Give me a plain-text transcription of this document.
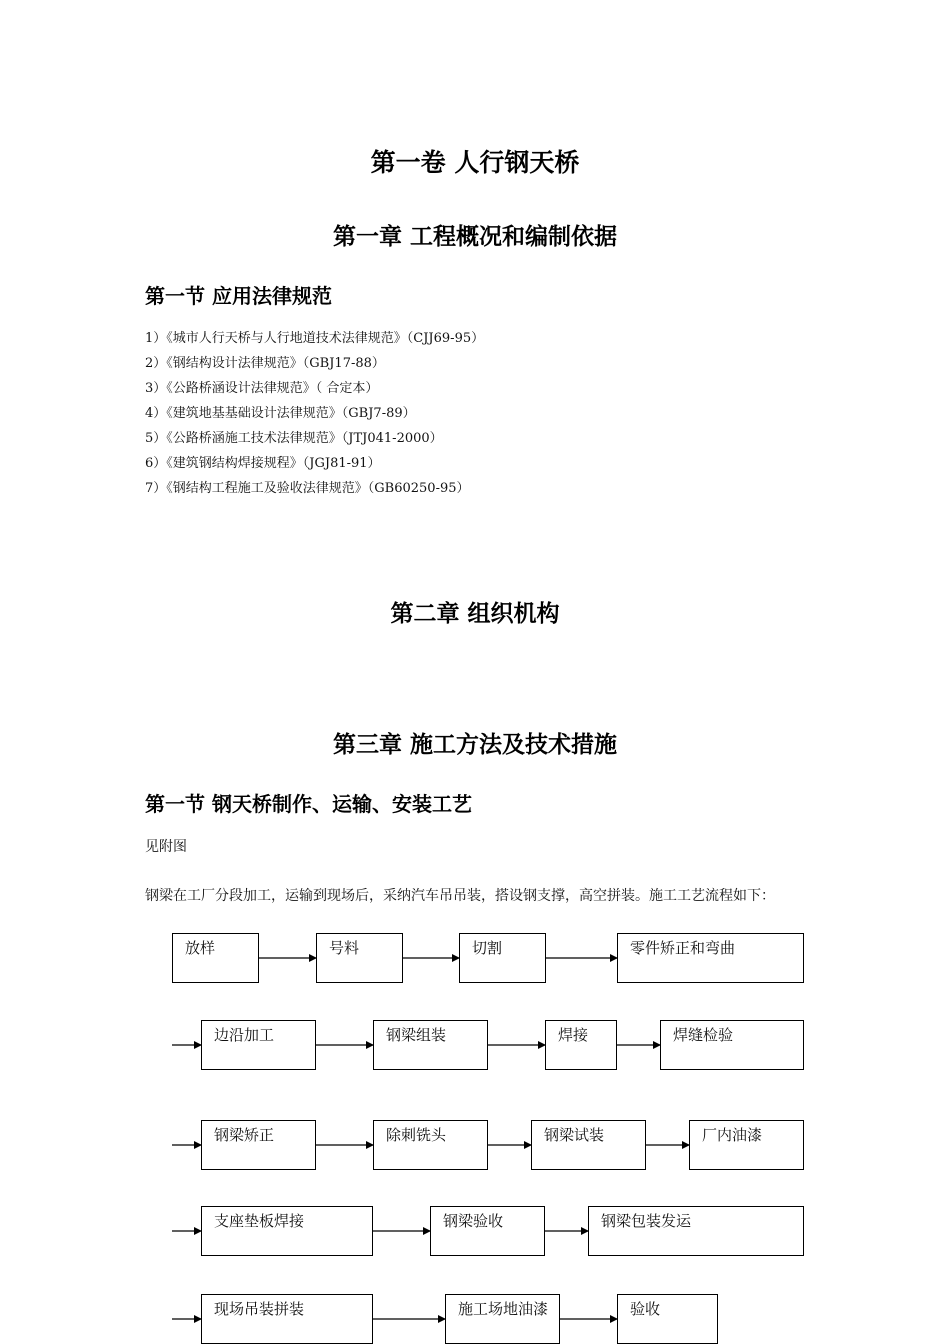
第一卷 人行钢天桥
第一章 工程概况和编制依据
第一节 应用法律规范
1）《城市人行天桥与人行地道技术法律规范》（CJJ69-95）
2）《钢结构设计法律规范》（GBJ17-88）
3）《公路桥涵设计法律规范》（ 合定本）
4）《建筑地基基础设计法律规范》（GBJ7-89）
5）《公路桥涵施工技术法律规范》（JTJ041-2000）
6）《建筑钢结构焊接规程》（JGJ81-91）
7）《钢结构工程施工及验收法律规范》（GB60250-95）
第二章 组织机构
第三章 施工方法及技术措施
第一节 钢天桥制作、运输、安装工艺
见附图
钢梁在工厂分段加工，运输到现场后，采纳汽车吊吊装，搭设钢支撑，高空拼装。施工工艺流程如下：
放样	号料	切割	零件矫正和弯曲
边沿加工	钢梁组装	焊接	焊缝检验
钢梁矫正	除刺铣头	钢梁试装	厂内油漆
支座垫板焊接	钢梁验收	钢梁包装发运
现场吊装拼装	施工场地油漆	验收
